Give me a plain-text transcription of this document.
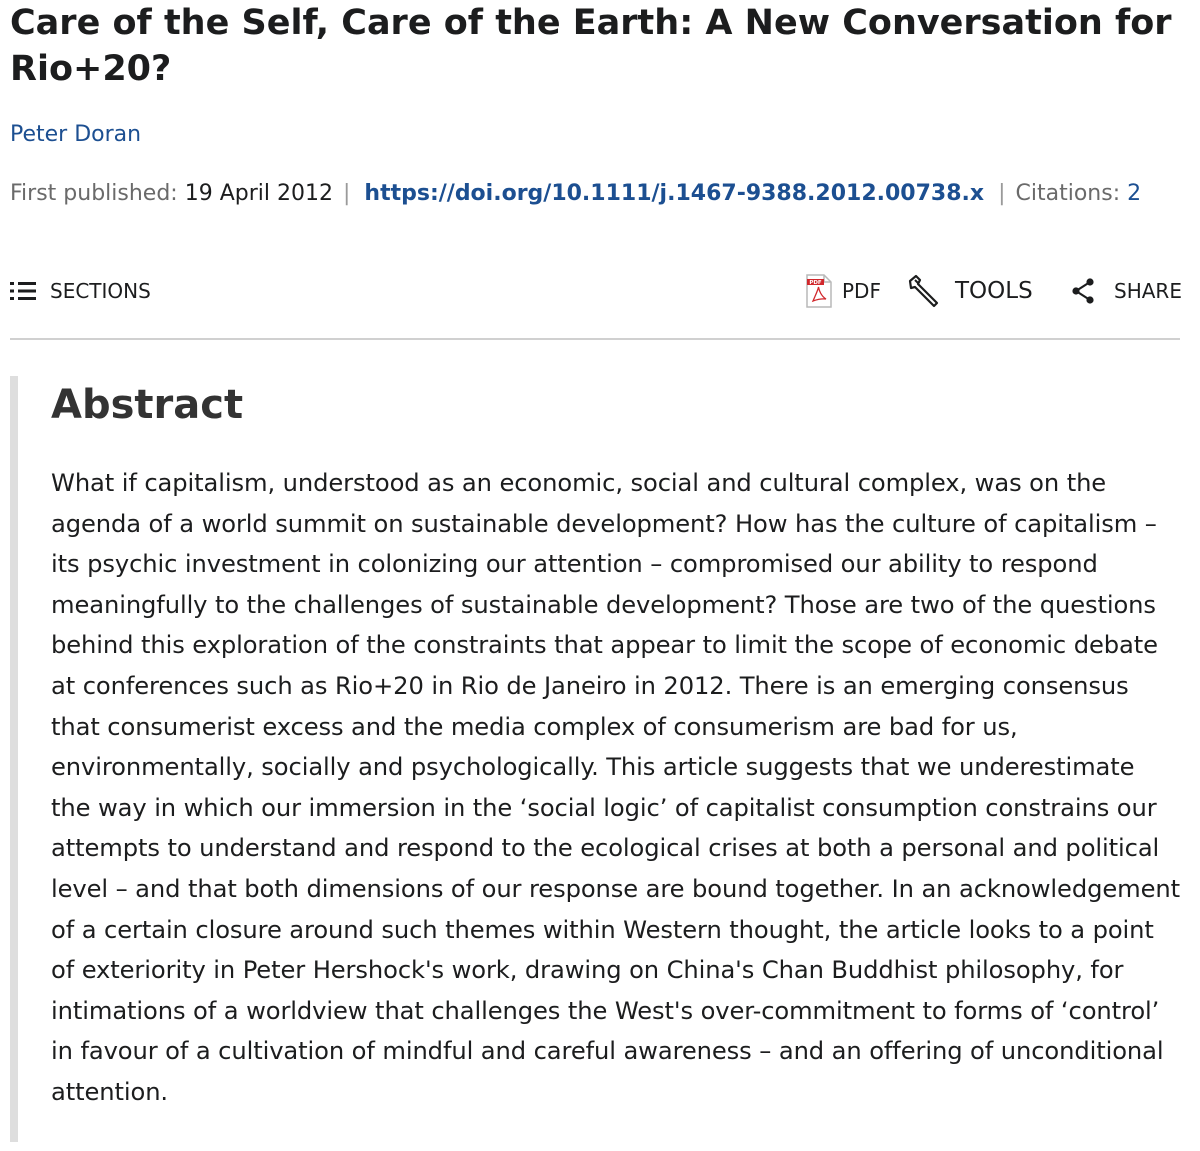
Care of the Self, Care of the Earth: A New Conversation for Rio+20?
Peter Doran
First published: 19 April 2012 | https://doi.org/10.1111/j.1467-9388.2012.00738.x | Citations: 2
SECTIONS	PDF PDF	TOOLS	SHARE
Abstract

What if capitalism, understood as an economic, social and cultural complex, was on the agenda of a world summit on sustainable development? How has the culture of capitalism – its psychic investment in colonizing our attention – compromised our ability to respond meaningfully to the challenges of sustainable development? Those are two of the questions behind this exploration of the constraints that appear to limit the scope of economic debate at conferences such as Rio+20 in Rio de Janeiro in 2012. There is an emerging consensus that consumerist excess and the media complex of consumerism are bad for us, environmentally, socially and psychologically. This article suggests that we underestimate the way in which our immersion in the ‘social logic’ of capitalist consumption constrains our attempts to understand and respond to the ecological crises at both a personal and political level – and that both dimensions of our response are bound together. In an acknowledgement of a certain closure around such themes within Western thought, the article looks to a point of exteriority in Peter Hershock's work, drawing on China's Chan Buddhist philosophy, for intimations of a worldview that challenges the West's over-commitment to forms of ‘control’ in favour of a cultivation of mindful and careful awareness – and an offering of unconditional attention.
